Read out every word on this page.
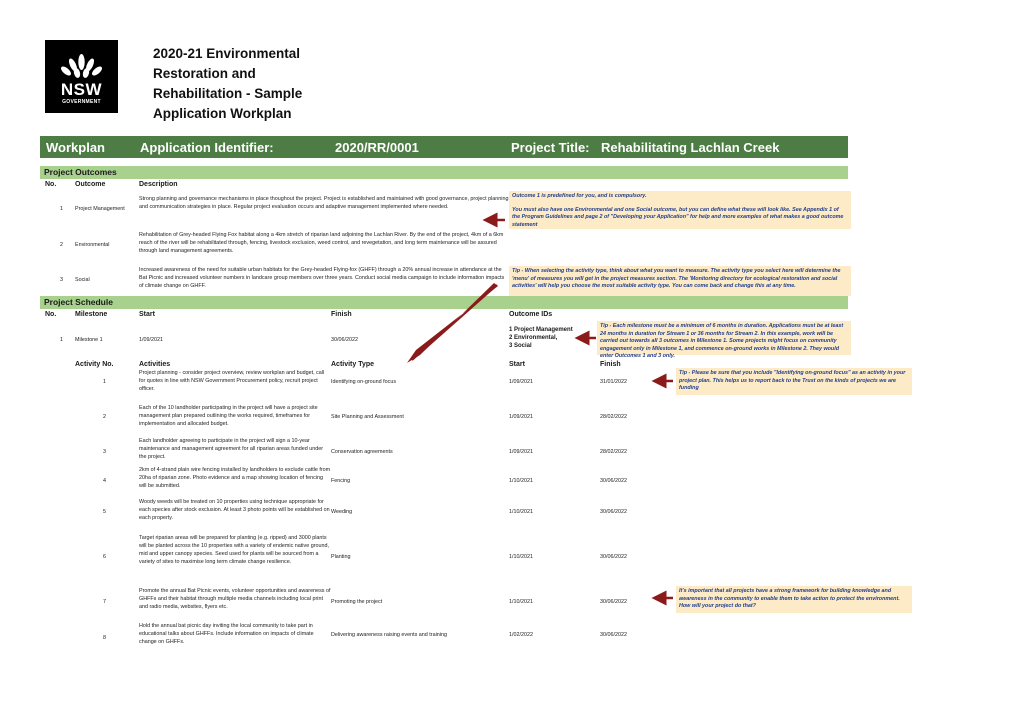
NSW
GOVERNMENT
2020-21 Environmental
Restoration and
Rehabilitation - Sample
Application Workplan
Workplan	Application Identifier:	2020/RR/0001	Project Title: Rehabilitating Lachlan Creek
Project Outcomes
No.	Outcome	Description
1 Project Management
Strong planning and governance mechanisms in place thoughout the project. Project is established and maintained with good governance, project planning and communication strategies in place. Regular project evaluation occurs and adaptive management implemented where needed.
2 Environmental
Rehabilitation of Grey-headed Flying Fox habitat along a 4km stretch of riparian land adjoining the Lachlan River. By the end of the project, 4km of a 6km reach of the river will be rehabilitated through, fencing, livestock exclusion, weed control, and revegetation, and long term maintenance will be assured through land management agreements.
3 Social
Increased awareness of the need for suitable urban habitats for the Grey-headed Flying-fox (GHFF) through a 20% annual increase in attendance at the Bat Picnic and increased volunteer numbers in landcare group members over three years. Conduct social media campaign to include information impacts of climate change on GHFF.

Outcome 1 is predefined for you, and is compulsory.

You must also have one Environmental and one Social outcome, but you can define what these will look like. See Appendix 1 of the Program Guidelines and page 2 of "Developing your Application" for help and more examples of what makes a good outcome statement

Tip - When selecting the activity type, think about what you want to measure. The activity type you select here will determine the 'menu' of measures you will get in the project measures section. The 'Monitoring directory for ecological restoration and social activities' will help you choose the most suitable activity type. You can come back and change this at any time.
Project Schedule
No.	Milestone	Start	Finish	Outcome IDs
1 Milestone 1	1/09/2021	30/06/2022
1 Project Management
2 Environmental,
3 Social
Tip - Each milestone must be a minimum of 6 months in duration. Applications must be at least 24 months in duration for Stream 1 or 36 months for Stream 2. In this example, work will be carried out towards all 3 outcomes in Milestone 1. Some projects might focus on community engagement only in Milestone 1, and commence on-ground works in Milestone 2. They would enter Outcomes 1 and 3 only.
Activity No.	Activities	Activity Type	Start	Finish
1
Project planning - consider project overview, review workplan and budget, call for quotes in line with NSW Government Procurement policy, recruit project officer.
Identifying on-ground focus	1/09/2021	31/01/2022
2
Each of the 10 landholder participating in the project will have a project site management plan prepared outlining the works required, timeframes for implementation and allocated budget.
Site Planning and Assessment	1/09/2021	28/02/2022
3
Each landholder agreeing to participate in the project will sign a 10-year maintenance and management agreement for all riparian areas funded under the project.
Conservation agreements	1/09/2021	28/02/2022
4
2km of 4-strand plain wire fencing installed by landholders to exclude cattle from 20ha of riparian zone. Photo evidence and a map showing location of fencing will be submitted.
Fencing	1/10/2021	30/06/2022
5
Woody weeds will be treated on 10 properties using technique appropriate for each species after stock exclusion. At least 3 photo points will be established on each property.
Weeding	1/10/2021	30/06/2022
6
Target riparian areas will be prepared for planting (e.g. ripped) and 3000 plants will be planted across the 10 properties with a variety of endemic native ground, mid and upper canopy species. Seed used for plants will be sourced from a variety of sites to maximise long term climate change resilience.
Planting	1/10/2021	30/06/2022
7
Promote the annual Bat Picnic events, volunteer opportunities and awareness of GHFFs and their habitat through multiple media channels including local print and radio media, websites, flyers etc.
Promoting the project	1/10/2021	30/06/2022
8
Hold the annual bat picnic day inviting the local community to take part in educational talks about GHFFs. Include information on impacts of climate change on GHFFs.
Delivering awareness raising events and training	1/02/2022	30/06/2022
Tip - Please be sure that you include "Identifying on-ground focus" as an activity in your project plan. This helps us to report back to the Trust on the kinds of projects we are funding
It's important that all projects have a strong framework for building knowledge and awareness in the community to enable them to take action to protect the environment. How will your project do that?
